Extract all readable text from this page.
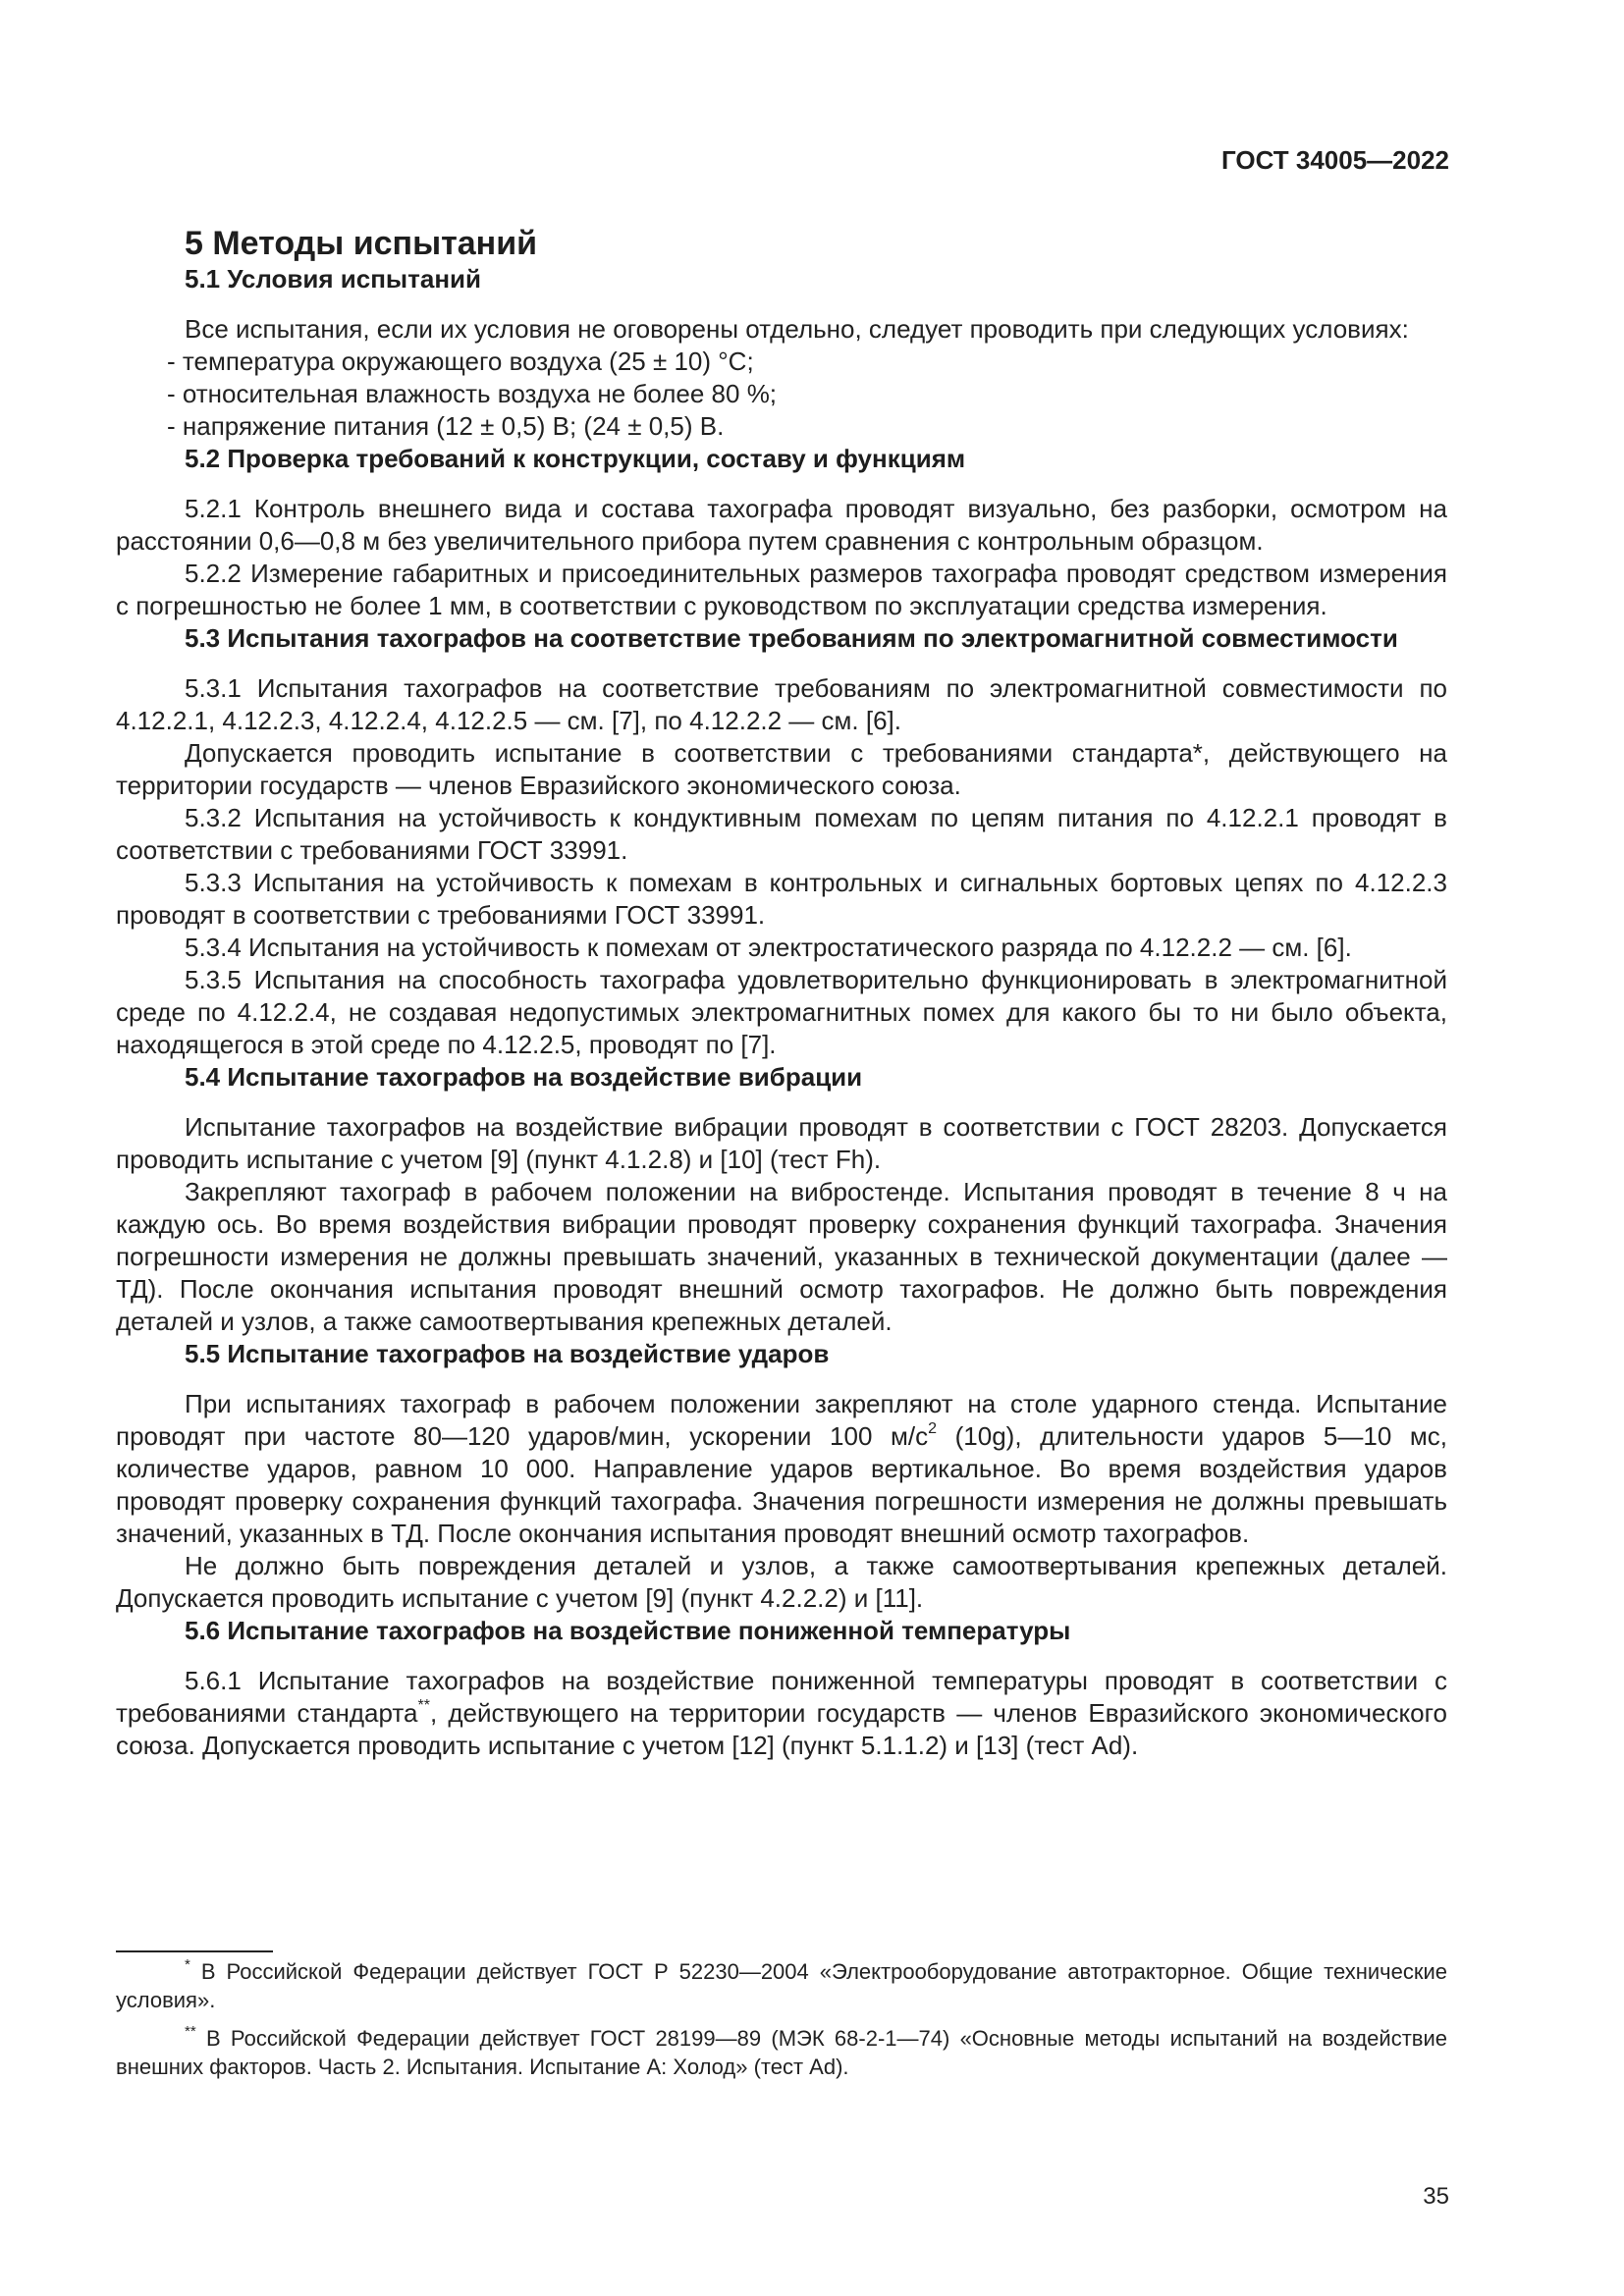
ГОСТ 34005—2022
5 Методы испытаний
5.1 Условия испытаний

Все испытания, если их условия не оговорены отдельно, следует проводить при следующих условиях:

- температура окружающего воздуха (25 ± 10) °С;

- относительная влажность воздуха не более 80 %;

- напряжение питания (12 ± 0,5) В; (24 ± 0,5) В.

5.2 Проверка требований к конструкции, составу и функциям

5.2.1 Контроль внешнего вида и состава тахографа проводят визуально, без разборки, осмотром на расстоянии 0,6—0,8 м без увеличительного прибора путем сравнения с контрольным образцом.

5.2.2 Измерение габаритных и присоединительных размеров тахографа проводят средством измерения с погрешностью не более 1 мм, в соответствии с руководством по эксплуатации средства измерения.

5.3 Испытания тахографов на соответствие требованиям по электромагнитной совместимости

5.3.1 Испытания тахографов на соответствие требованиям по электромагнитной совместимости по 4.12.2.1, 4.12.2.3, 4.12.2.4, 4.12.2.5 — см. [7], по 4.12.2.2 — см. [6].

Допускается проводить испытание в соответствии с требованиями стандарта*, действующего на территории государств — членов Евразийского экономического союза.

5.3.2 Испытания на устойчивость к кондуктивным помехам по цепям питания по 4.12.2.1 проводят в соответствии с требованиями ГОСТ 33991.

5.3.3 Испытания на устойчивость к помехам в контрольных и сигнальных бортовых цепях по 4.12.2.3 проводят в соответствии с требованиями ГОСТ 33991.

5.3.4 Испытания на устойчивость к помехам от электростатического разряда по 4.12.2.2 — см. [6].

5.3.5 Испытания на способность тахографа удовлетворительно функционировать в электромагнитной среде по 4.12.2.4, не создавая недопустимых электромагнитных помех для какого бы то ни было объекта, находящегося в этой среде по 4.12.2.5, проводят по [7].

5.4 Испытание тахографов на воздействие вибрации

Испытание тахографов на воздействие вибрации проводят в соответствии с ГОСТ 28203. Допускается проводить испытание с учетом [9] (пункт 4.1.2.8) и [10] (тест Fh).

Закрепляют тахограф в рабочем положении на вибростенде. Испытания проводят в течение 8 ч на каждую ось. Во время воздействия вибрации проводят проверку сохранения функций тахографа. Значения погрешности измерения не должны превышать значений, указанных в технической документации (далее — ТД). После окончания испытания проводят внешний осмотр тахографов. Не должно быть повреждения деталей и узлов, а также самоотвертывания крепежных деталей.

5.5 Испытание тахографов на воздействие ударов

При испытаниях тахограф в рабочем положении закрепляют на столе ударного стенда. Испытание проводят при частоте 80—120 ударов/мин, ускорении 100 $м/с^2$ (10g), длительности ударов 5—10 мс, количестве ударов, равном 10 000. Направление ударов вертикальное. Во время воздействия ударов проводят проверку сохранения функций тахографа. Значения погрешности измерения не должны превышать значений, указанных в ТД. После окончания испытания проводят внешний осмотр тахографов.

Не должно быть повреждения деталей и узлов, а также самоотвертывания крепежных деталей. Допускается проводить испытание с учетом [9] (пункт 4.2.2.2) и [11].

5.6 Испытание тахографов на воздействие пониженной температуры

5.6.1 Испытание тахографов на воздействие пониженной температуры проводят в соответствии с требованиями стандарта**, действующего на территории государств — членов Евразийского экономического союза. Допускается проводить испытание с учетом [12] (пункт 5.1.1.2) и [13] (тест Ad).

* В Российской Федерации действует ГОСТ Р 52230—2004 «Электрооборудование автотракторное. Общие технические условия».

** В Российской Федерации действует ГОСТ 28199—89 (МЭК 68-2-1—74) «Основные методы испытаний на воздействие внешних факторов. Часть 2. Испытания. Испытание А: Холод» (тест Ad).

35
